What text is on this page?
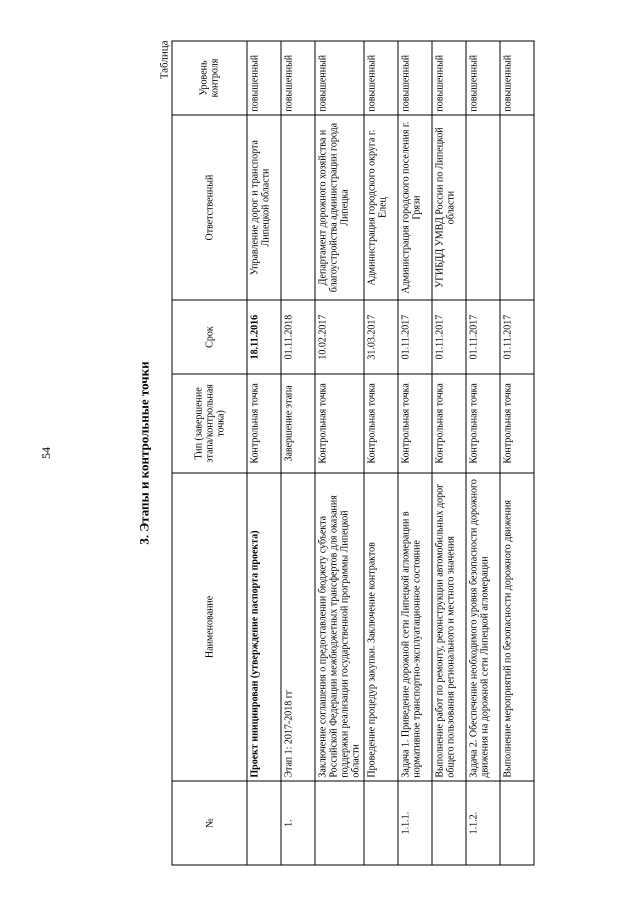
54	3. Этапы и контрольные точки
Таблица
№	Наименование	Тип (завершение этапа/контрольная точка)	Срок	Ответственный	Уровень контроля
	Проект инициирован (утверждение паспорта проекта)	Контрольная точка	18.11.2016	Управление дорог и транспорта Липецкой области	повышенный
1.	Этап 1: 2017-2018 гг	Завершение этапа	01.11.2018		повышенный
	Заключение соглашения о предоставлении бюджету субъекта Российской Федерации межбюджетных трансфертов для оказания поддержки реализации государственной программы Липецкой области	Контрольная точка	10.02.2017	Департамент дорожного хозяйства и благоустройства администрации города Липецка	повышенный
	Проведение процедур закупки. Заключение контрактов	Контрольная точка	31.03.2017	Администрация городского округа г. Елец	повышенный
1.1.1.	Задача 1. Приведение дорожной сети Липецкой агломерации в нормативное транспортно-эксплуатационное состояние	Контрольная точка	01.11.2017	Администрация городского поселения г. Грязи	повышенный
	Выполнение работ по ремонту, реконструкции автомобильных дорог общего пользования регионального и местного значения	Контрольная точка	01.11.2017	УГИБДД УМВД России по Липецкой области	повышенный
1.1.2.	Задача 2. Обеспечение необходимого уровня безопасности дорожного движения на дорожной сети Липецкой агломерации	Контрольная точка	01.11.2017		повышенный
	Выполнение мероприятий по безопасности дорожного движения	Контрольная точка	01.11.2017		повышенный
